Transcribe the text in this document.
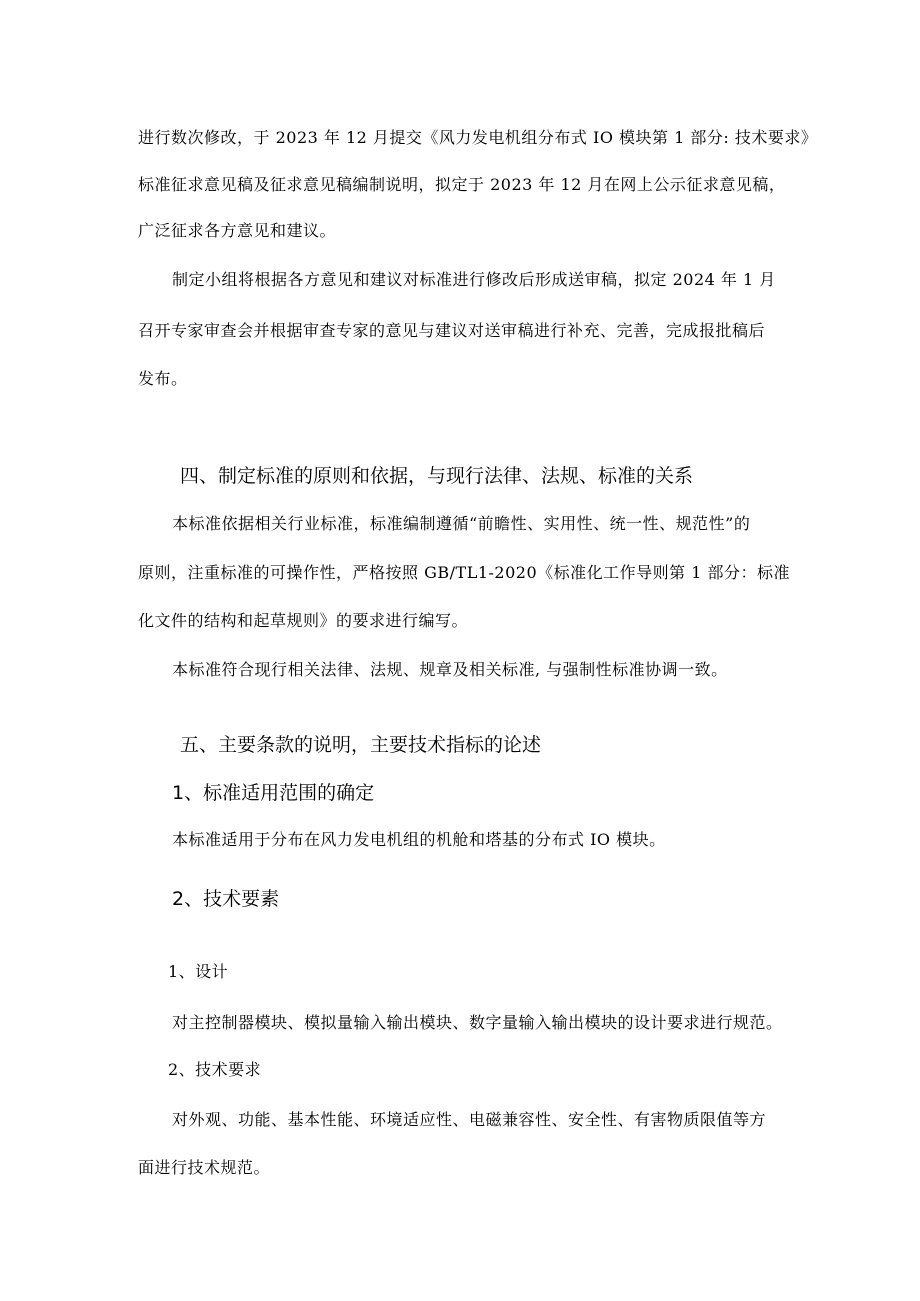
进行数次修改，于 2023 年 12 月提交《风力发电机组分布式 IO 模块第 1 部分: 技术要求》
标准征求意见稿及征求意见稿编制说明，拟定于 2023 年 12 月在网上公示征求意见稿，
广泛征求各方意见和建议。
制定小组将根据各方意见和建议对标准进行修改后形成送审稿，拟定 2024 年 1 月
召开专家审查会并根据审查专家的意见与建议对送审稿进行补充、完善，完成报批稿后
发布。
四、制定标准的原则和依据，与现行法律、法规、标准的关系
本标准依据相关行业标准，标准编制遵循“前瞻性、实用性、统一性、规范性”的
原则，注重标准的可操作性，严格按照 GB/TL1-2020《标准化工作导则第 1 部分：标准
化文件的结构和起草规则》的要求进行编写。
本标准符合现行相关法律、法规、规章及相关标准, 与强制性标准协调一致。
五、主要条款的说明，主要技术指标的论述
1、标准适用范围的确定
本标准适用于分布在风力发电机组的机舱和塔基的分布式 IO 模块。
2、技术要素
1、设计
对主控制器模块、模拟量输入输出模块、数字量输入输出模块的设计要求进行规范。
2、技术要求
对外观、功能、基本性能、环境适应性、电磁兼容性、安全性、有害物质限值等方
面进行技术规范。
